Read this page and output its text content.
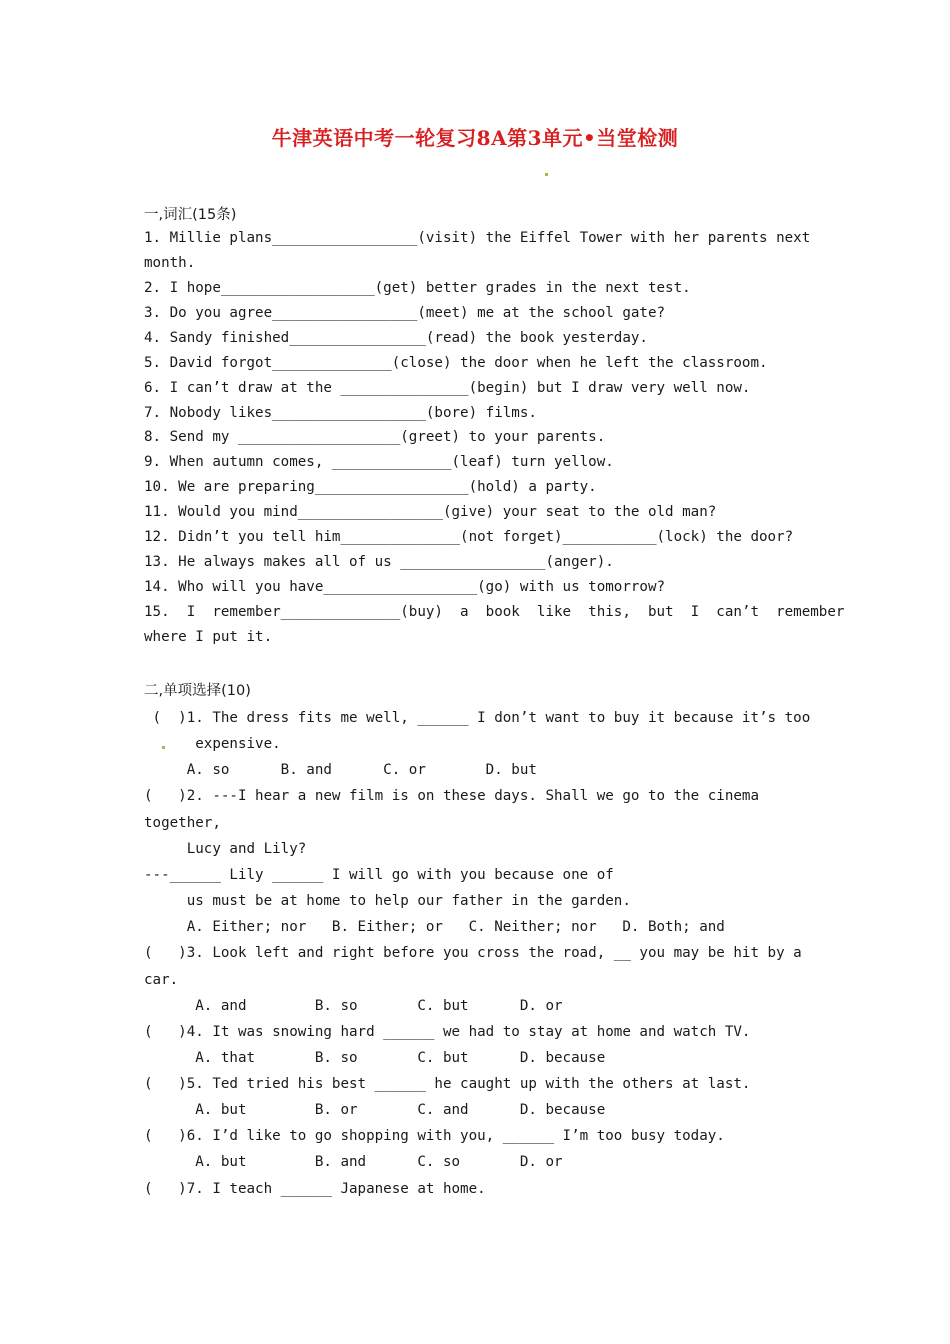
牛津英语中考一轮复习8A第3单元•当堂检测
一,词汇(15条)
1. Millie plans_________________(visit) the Eiffel Tower with her parents next
month.
2. I hope__________________(get) better grades in the next test.
3. Do you agree_________________(meet) me at the school gate?
4. Sandy finished________________(read) the book yesterday.
5. David forgot______________(close) the door when he left the classroom.
6. I can’t draw at the _______________(begin) but I draw very well now.
7. Nobody likes__________________(bore) films.
8. Send my ___________________(greet) to your parents.
9. When autumn comes, ______________(leaf) turn yellow.
10. We are preparing__________________(hold) a party.
11. Would you mind_________________(give) your seat to the old man?
12. Didn’t you tell him______________(not forget)___________(lock) the door?
13. He always makes all of us _________________(anger).
14. Who will you have__________________(go) with us tomorrow?
15.  I  remember______________(buy)  a  book  like  this,  but  I  can’t  remember
where I put it.
二,单项选择(10)
(  )1. The dress fits me well, ______ I don’t want to buy it because it’s too
expensive.
A. so      B. and      C. or       D. but
(   )2. ---I hear a new film is on these days. Shall we go to the cinema
together,
Lucy and Lily?
---______ Lily ______ I will go with you because one of
us must be at home to help our father in the garden.
A. Either; nor   B. Either; or   C. Neither; nor   D. Both; and
(   )3. Look left and right before you cross the road, __ you may be hit by a
car.
A. and        B. so       C. but      D. or
(   )4. It was snowing hard ______ we had to stay at home and watch TV.
A. that       B. so       C. but      D. because
(   )5. Ted tried his best ______ he caught up with the others at last.
A. but        B. or       C. and      D. because
(   )6. I’d like to go shopping with you, ______ I’m too busy today.
A. but        B. and      C. so       D. or
(   )7. I teach ______ Japanese at home.
